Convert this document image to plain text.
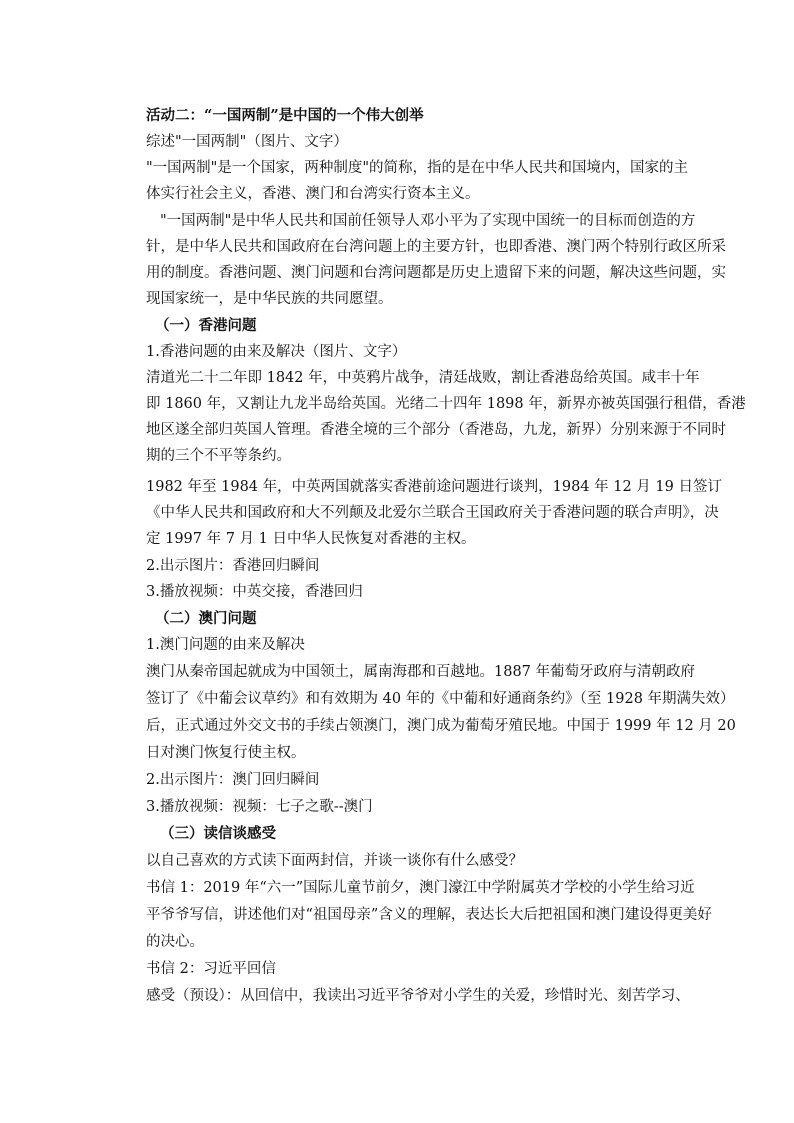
活动二：“一国两制”是中国的一个伟大创举
综述"一国两制"（图片、文字）
"一国两制"是一个国家，两种制度"的简称，指的是在中华人民共和国境内，国家的主
体实行社会主义，香港、澳门和台湾实行资本主义。
"一国两制"是中华人民共和国前任领导人邓小平为了实现中国统一的目标而创造的方
针，是中华人民共和国政府在台湾问题上的主要方针，也即香港、澳门两个特别行政区所采
用的制度。香港问题、澳门问题和台湾问题都是历史上遗留下来的问题，解决这些问题，实
现国家统一，是中华民族的共同愿望。
（一）香港问题
1.香港问题的由来及解决（图片、文字）
清道光二十二年即 1842 年，中英鸦片战争，清廷战败，割让香港岛给英国。咸丰十年
即 1860 年，又割让九龙半岛给英国。光绪二十四年 1898 年，新界亦被英国强行租借，香港
地区遂全部归英国人管理。香港全境的三个部分（香港岛，九龙，新界）分别来源于不同时
期的三个不平等条约。
1982 年至 1984 年，中英两国就落实香港前途问题进行谈判，1984 年 12 月 19 日签订
《中华人民共和国政府和大不列颠及北爱尔兰联合王国政府关于香港问题的联合声明》，决
定 1997 年 7 月 1 日中华人民恢复对香港的主权。
2.出示图片：香港回归瞬间
3.播放视频：中英交接，香港回归
（二）澳门问题
1.澳门问题的由来及解决
澳门从秦帝国起就成为中国领土，属南海郡和百越地。1887 年葡萄牙政府与清朝政府
签订了《中葡会议草约》和有效期为 40 年的《中葡和好通商条约》（至 1928 年期满失效）
后，正式通过外交文书的手续占领澳门，澳门成为葡萄牙殖民地。中国于 1999 年 12 月 20
日对澳门恢复行使主权。
2.出示图片：澳门回归瞬间
3.播放视频：视频：七子之歌--澳门
（三）读信谈感受
以自己喜欢的方式读下面两封信，并谈一谈你有什么感受？
书信 1：2019 年“六一”国际儿童节前夕，澳门濠江中学附属英才学校的小学生给习近
平爷爷写信，讲述他们对“祖国母亲”含义的理解，表达长大后把祖国和澳门建设得更美好
的决心。
书信 2：习近平回信
感受（预设）：从回信中，我读出习近平爷爷对小学生的关爱，珍惜时光、刻苦学习、
